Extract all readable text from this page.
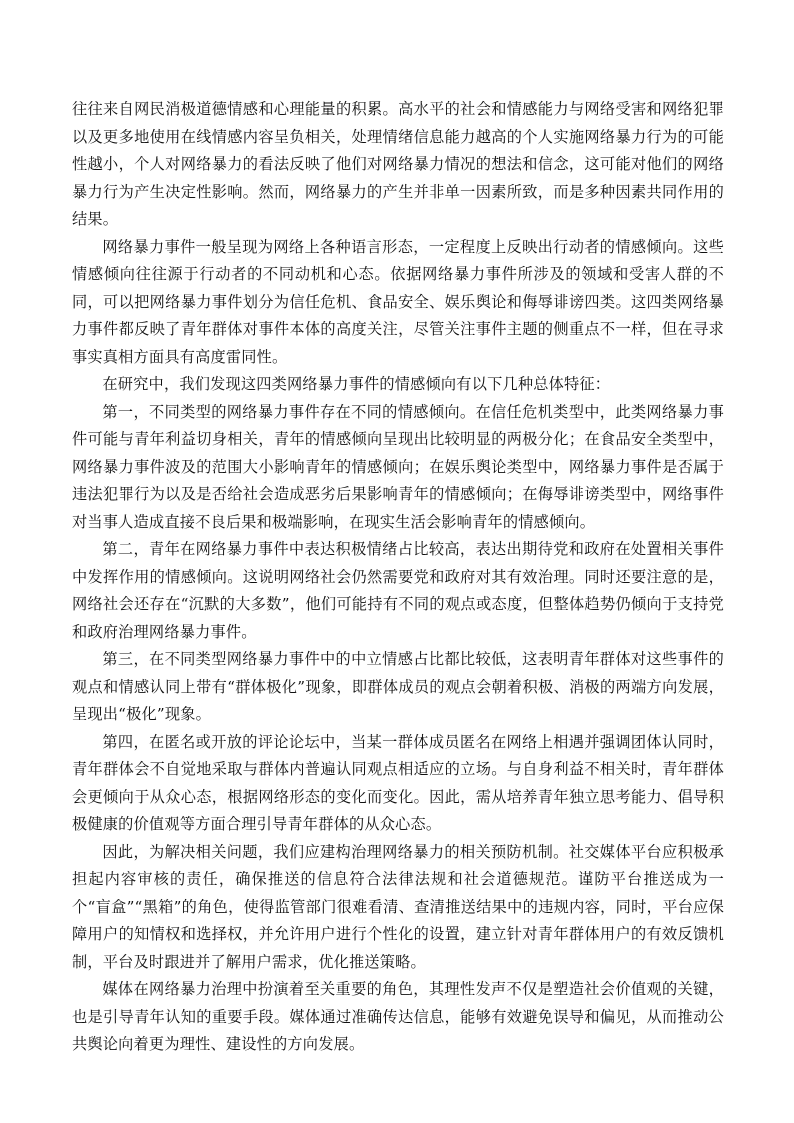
往往来自网民消极道德情感和心理能量的积累。高水平的社会和情感能力与网络受害和网络犯罪以及更多地使用在线情感内容呈负相关，处理情绪信息能力越高的个人实施网络暴力行为的可能性越小，个人对网络暴力的看法反映了他们对网络暴力情况的想法和信念，这可能对他们的网络暴力行为产生决定性影响。然而，网络暴力的产生并非单一因素所致，而是多种因素共同作用的结果。

网络暴力事件一般呈现为网络上各种语言形态，一定程度上反映出行动者的情感倾向。这些情感倾向往往源于行动者的不同动机和心态。依据网络暴力事件所涉及的领域和受害人群的不同，可以把网络暴力事件划分为信任危机、食品安全、娱乐舆论和侮辱诽谤四类。这四类网络暴力事件都反映了青年群体对事件本体的高度关注，尽管关注事件主题的侧重点不一样，但在寻求事实真相方面具有高度雷同性。

在研究中，我们发现这四类网络暴力事件的情感倾向有以下几种总体特征：

第一，不同类型的网络暴力事件存在不同的情感倾向。在信任危机类型中，此类网络暴力事件可能与青年利益切身相关，青年的情感倾向呈现出比较明显的两极分化；在食品安全类型中，网络暴力事件波及的范围大小影响青年的情感倾向；在娱乐舆论类型中，网络暴力事件是否属于违法犯罪行为以及是否给社会造成恶劣后果影响青年的情感倾向；在侮辱诽谤类型中，网络事件对当事人造成直接不良后果和极端影响，在现实生活会影响青年的情感倾向。

第二，青年在网络暴力事件中表达积极情绪占比较高，表达出期待党和政府在处置相关事件中发挥作用的情感倾向。这说明网络社会仍然需要党和政府对其有效治理。同时还要注意的是，网络社会还存在“沉默的大多数”，他们可能持有不同的观点或态度，但整体趋势仍倾向于支持党和政府治理网络暴力事件。

第三，在不同类型网络暴力事件中的中立情感占比都比较低，这表明青年群体对这些事件的观点和情感认同上带有“群体极化”现象，即群体成员的观点会朝着积极、消极的两端方向发展，呈现出“极化”现象。

第四，在匿名或开放的评论论坛中，当某一群体成员匿名在网络上相遇并强调团体认同时，青年群体会不自觉地采取与群体内普遍认同观点相适应的立场。与自身利益不相关时，青年群体会更倾向于从众心态，根据网络形态的变化而变化。因此，需从培养青年独立思考能力、倡导积极健康的价值观等方面合理引导青年群体的从众心态。

因此，为解决相关问题，我们应建构治理网络暴力的相关预防机制。社交媒体平台应积极承担起内容审核的责任，确保推送的信息符合法律法规和社会道德规范。谨防平台推送成为一个“盲盒”“黑箱”的角色，使得监管部门很难看清、查清推送结果中的违规内容，同时，平台应保障用户的知情权和选择权，并允许用户进行个性化的设置，建立针对青年群体用户的有效反馈机制，平台及时跟进并了解用户需求，优化推送策略。

媒体在网络暴力治理中扮演着至关重要的角色，其理性发声不仅是塑造社会价值观的关键，也是引导青年认知的重要手段。媒体通过准确传达信息，能够有效避免误导和偏见，从而推动公共舆论向着更为理性、建设性的方向发展。
